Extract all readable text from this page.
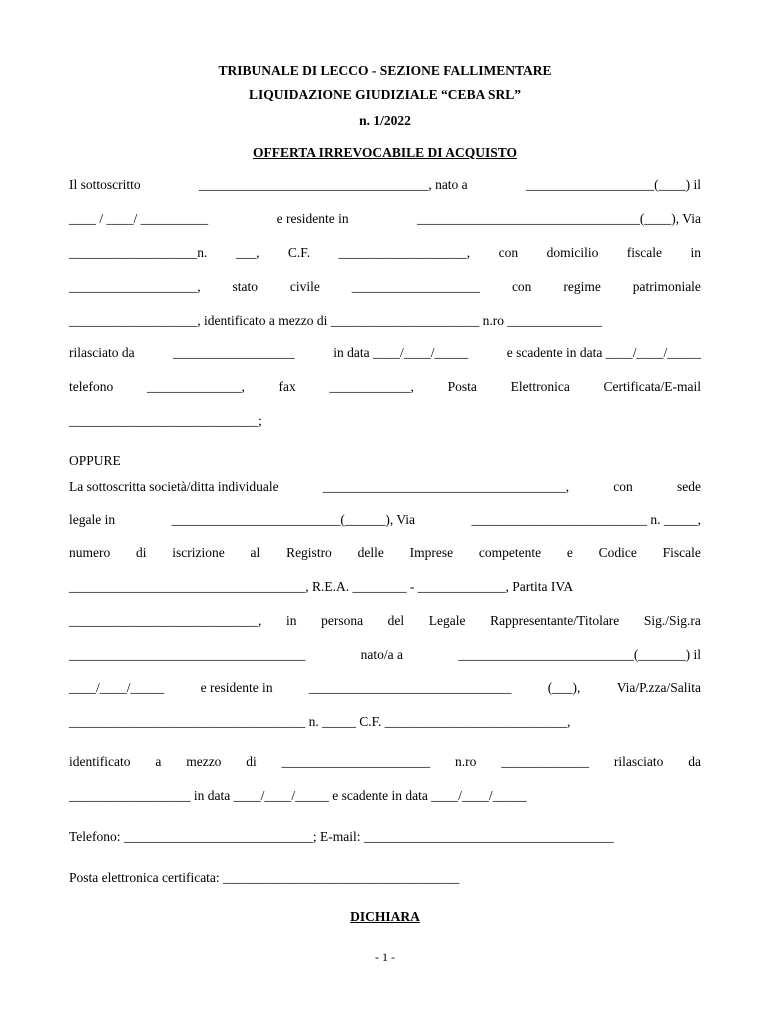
TRIBUNALE DI LECCO - SEZIONE FALLIMENTARE
LIQUIDAZIONE GIUDIZIALE “CEBA SRL”
n. 1/2022
OFFERTA IRREVOCABILE DI ACQUISTO
Il sottoscritto	__________________________________, nato a	___________________(____) il
____ / ____/ __________	e residente in	_________________________________(____), Via
___________________n. ___, C.F. ___________________, con domicilio fiscale in
___________________, stato civile ___________________ con regime patrimoniale
___________________, identificato a mezzo di ______________________ n.ro ______________
rilasciato da	__________________	in data ____/____/_____	e scadente in data ____/____/_____
telefono ______________, fax ____________, Posta Elettronica Certificata/E-mail
____________________________;
OPPURE
La sottoscritta società/ditta individuale	____________________________________,	con	sede
legale in	_________________________(______), Via	__________________________ n. _____,
numero di iscrizione al Registro delle Imprese competente e Codice Fiscale
___________________________________, R.E.A. ________ - _____________, Partita IVA
____________________________, in persona del Legale Rappresentante/Titolare Sig./Sig.ra
___________________________________	nato/a a	__________________________(_______) il
____/____/_____	e residente in	______________________________	(___),	Via/P.zza/Salita
___________________________________ n. _____ C.F. ___________________________,
identificato a mezzo di ______________________ n.ro _____________ rilasciato da
__________________ in data ____/____/_____ e scadente in data ____/____/_____
Telefono: ____________________________; E-mail: _____________________________________
Posta elettronica certificata: ___________________________________
DICHIARA
- 1 -
